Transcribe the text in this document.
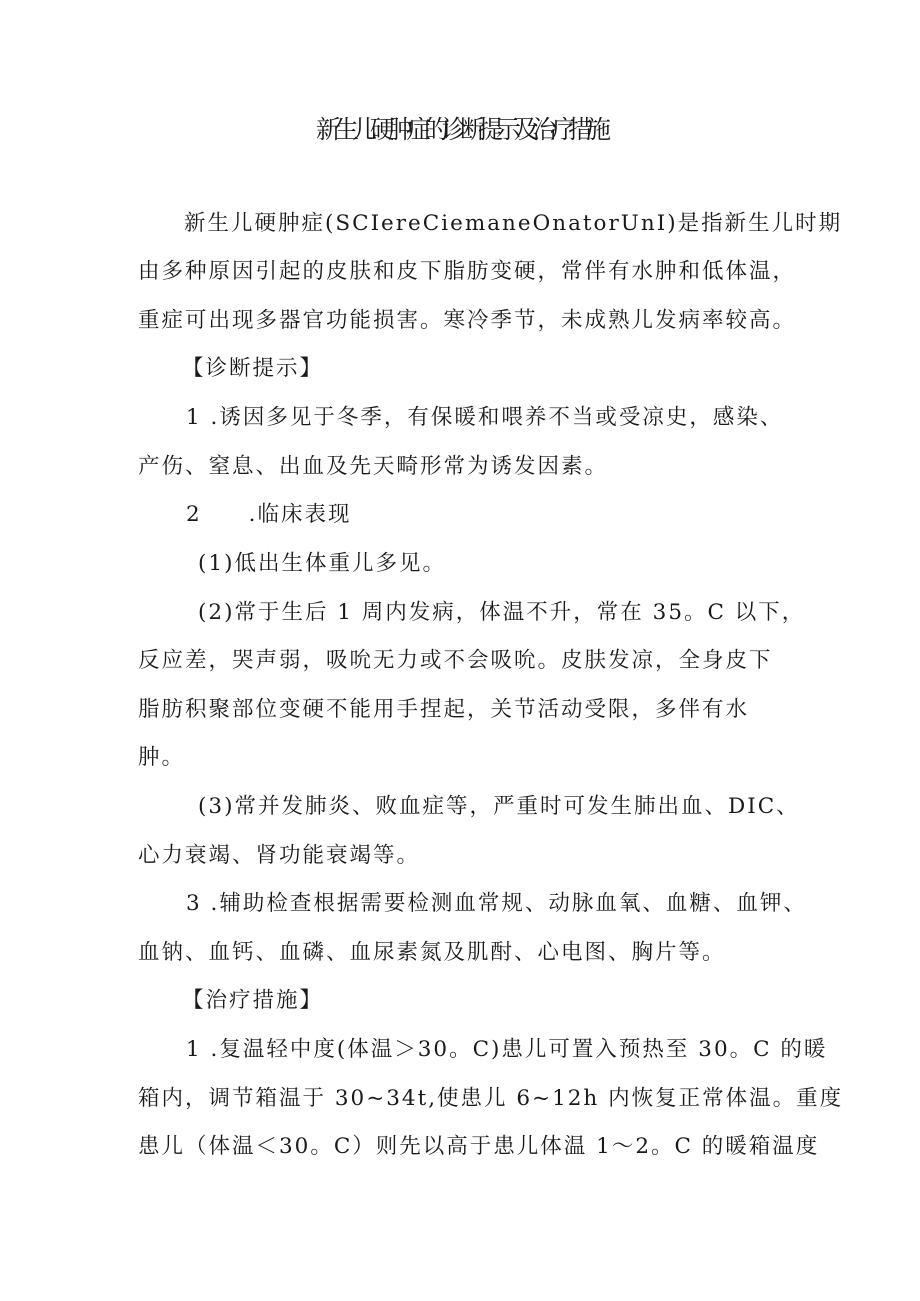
新生儿硬肿症的诊断提示及治疗措施
新生儿硬肿症(SCIereCiemaneOnatorUnI)是指新生儿时期
由多种原因引起的皮肤和皮下脂肪变硬，常伴有水肿和低体温，
重症可出现多器官功能损害。寒冷季节，未成熟儿发病率较高。
【诊断提示】
1 .诱因多见于冬季，有保暖和喂养不当或受凉史，感染、
产伤、窒息、出血及先天畸形常为诱发因素。
2　　.临床表现
(1)低出生体重儿多见。
(2)常于生后 1 周内发病，体温不升，常在 35。C 以下，
反应差，哭声弱，吸吮无力或不会吸吮。皮肤发凉，全身皮下
脂肪积聚部位变硬不能用手捏起，关节活动受限，多伴有水
肿。
(3)常并发肺炎、败血症等，严重时可发生肺出血、DIC、
心力衰竭、肾功能衰竭等。
3 .辅助检查根据需要检测血常规、动脉血氧、血糖、血钾、
血钠、血钙、血磷、血尿素氮及肌酎、心电图、胸片等。
【治疗措施】
1 .复温轻中度(体温＞30。C)患儿可置入预热至 30。C 的暖
箱内，调节箱温于 30~34t,使患儿 6~12h 内恢复正常体温。重度
患儿（体温＜30。C）则先以高于患儿体温 1～2。C 的暖箱温度
